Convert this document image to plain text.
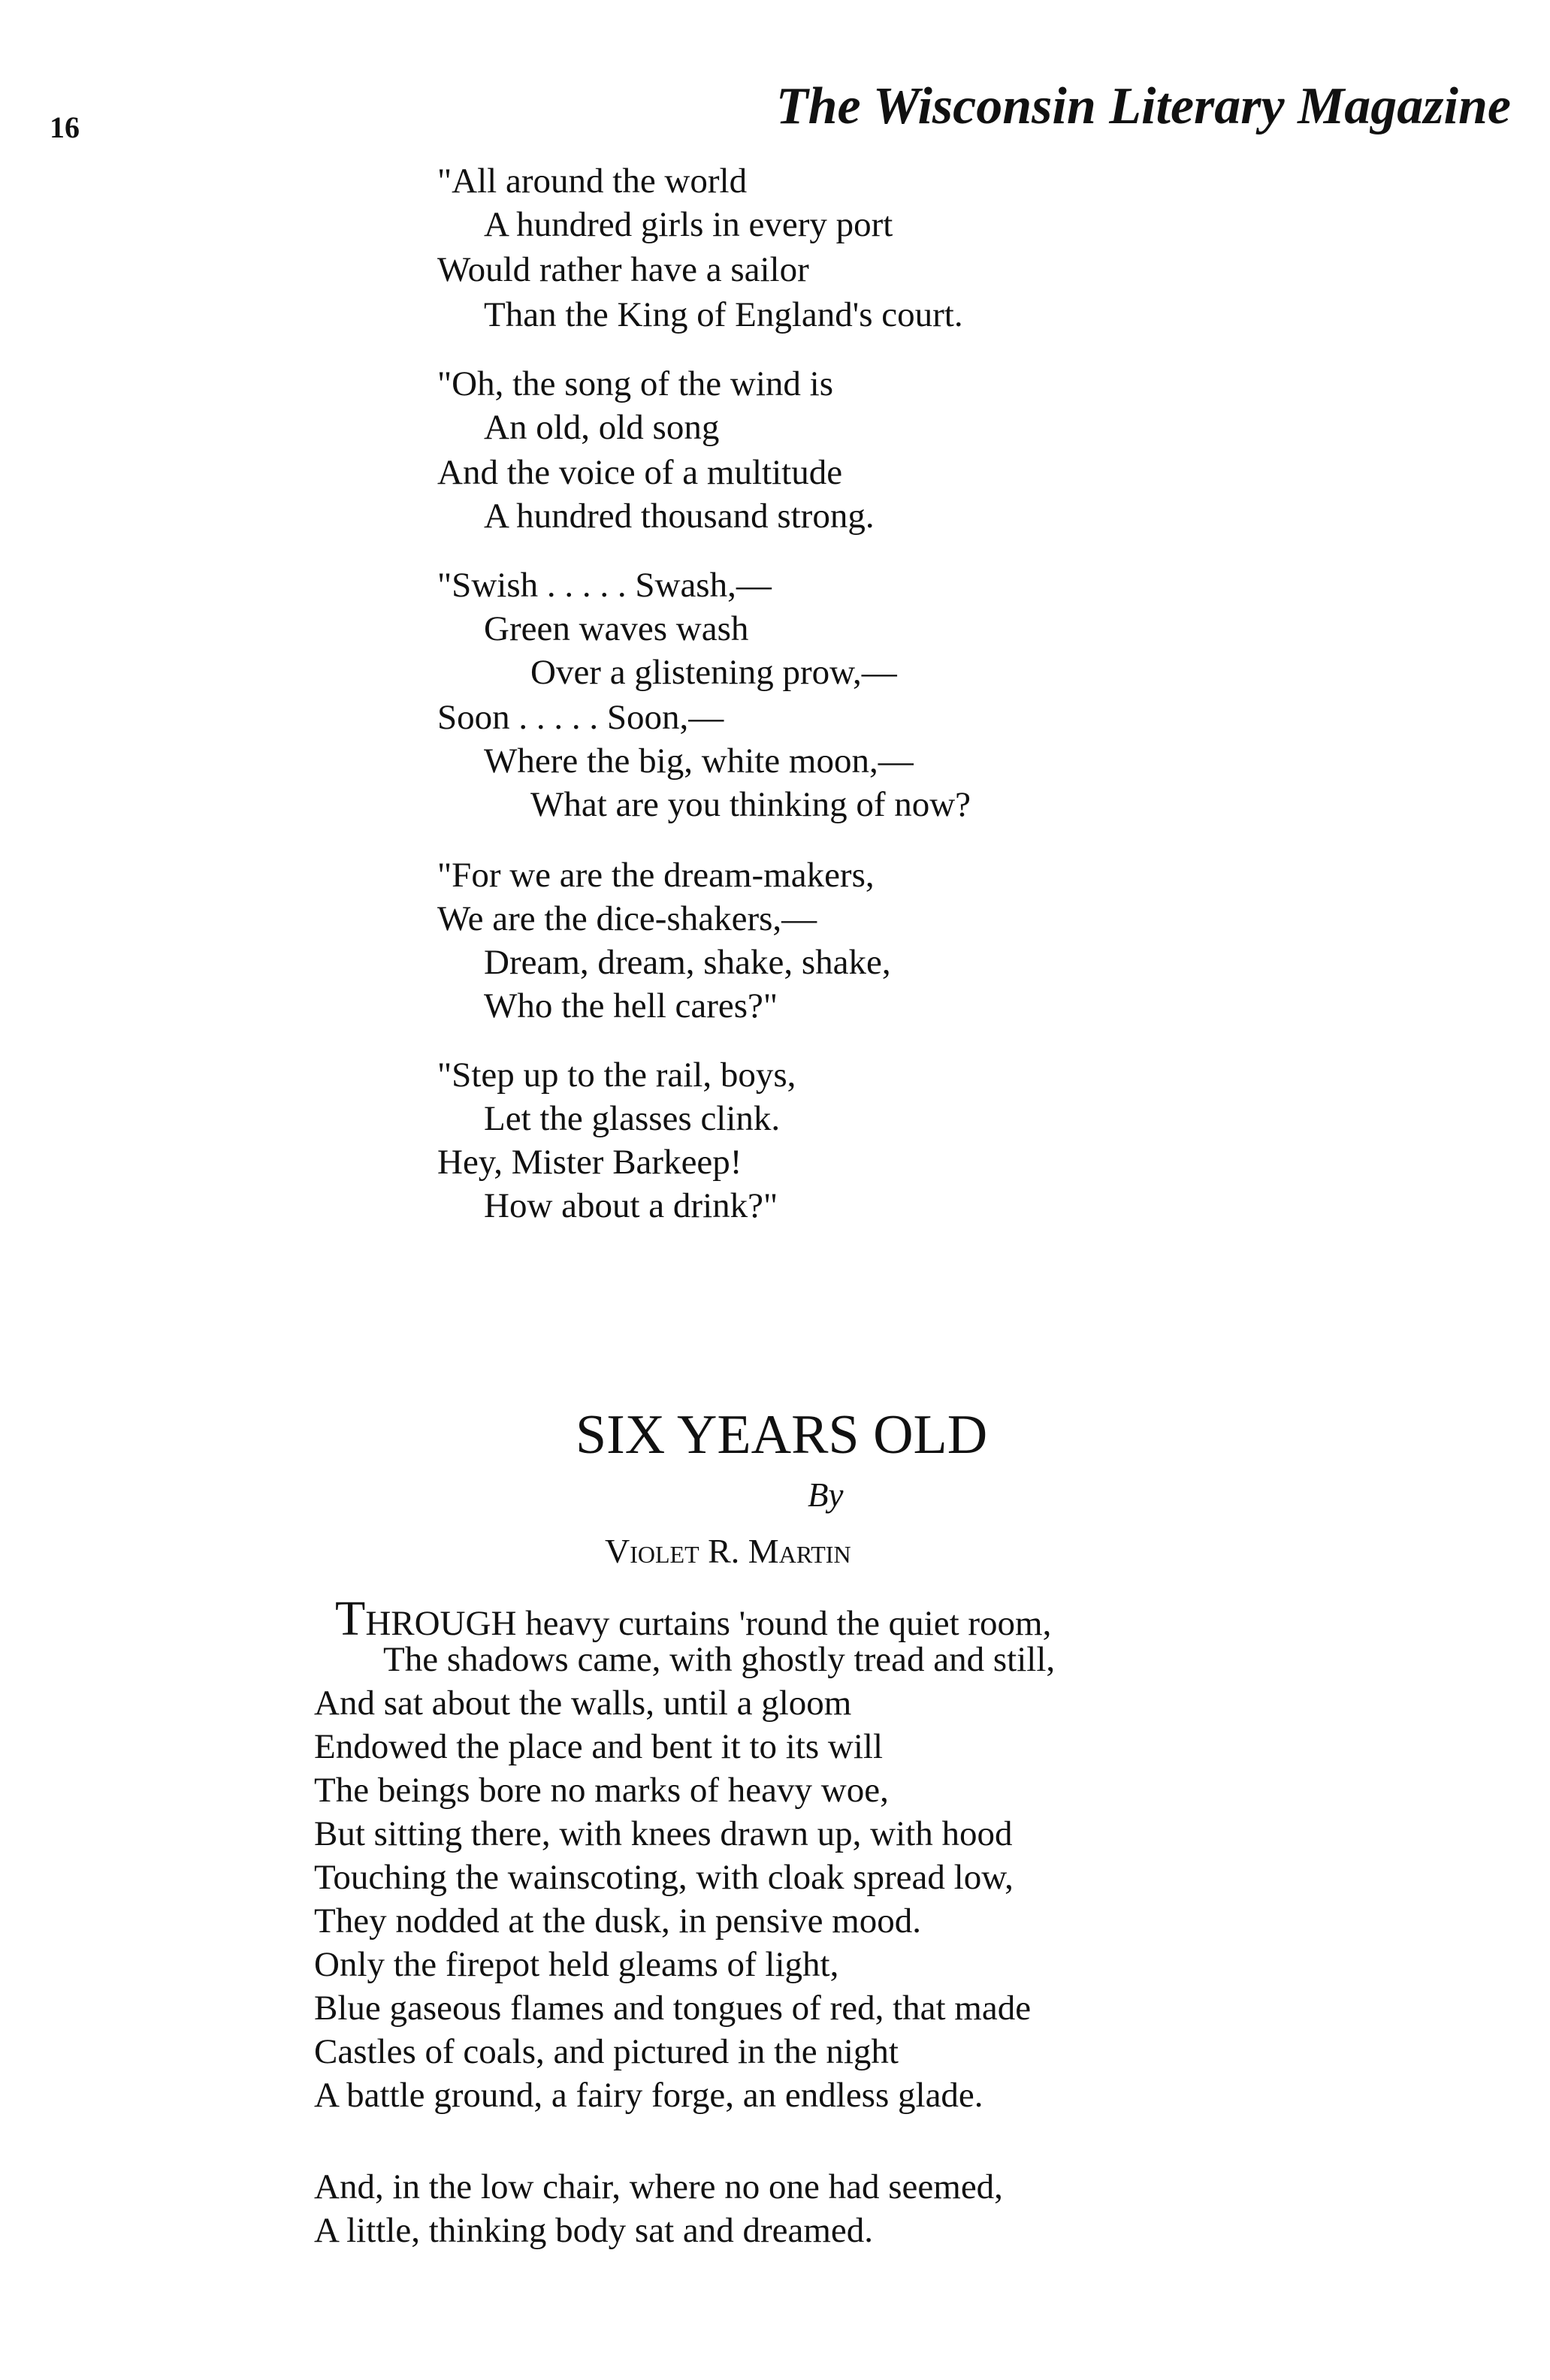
16	The Wisconsin Literary Magazine
"All around the world
A hundred girls in every port
Would rather have a sailor
Than the King of England's court.
"Oh, the song of the wind is
An old, old song
And the voice of a multitude
A hundred thousand strong.
"Swish . . . . . Swash,—
Green waves wash
Over a glistening prow,—
Soon . . . . . Soon,—
Where the big, white moon,—
What are you thinking of now?
"For we are the dream-makers,
We are the dice-shakers,—
Dream, dream, shake, shake,
Who the hell cares?"
"Step up to the rail, boys,
Let the glasses clink.
Hey, Mister Barkeep!
How about a drink?"
SIX YEARS OLD
By
Violet R. Martin
THROUGH heavy curtains 'round the quiet room,
The shadows came, with ghostly tread and still,
And sat about the walls, until a gloom
Endowed the place and bent it to its will
The beings bore no marks of heavy woe,
But sitting there, with knees drawn up, with hood
Touching the wainscoting, with cloak spread low,
They nodded at the dusk, in pensive mood.
Only the firepot held gleams of light,
Blue gaseous flames and tongues of red, that made
Castles of coals, and pictured in the night
A battle ground, a fairy forge, an endless glade.
And, in the low chair, where no one had seemed,
A little, thinking body sat and dreamed.
